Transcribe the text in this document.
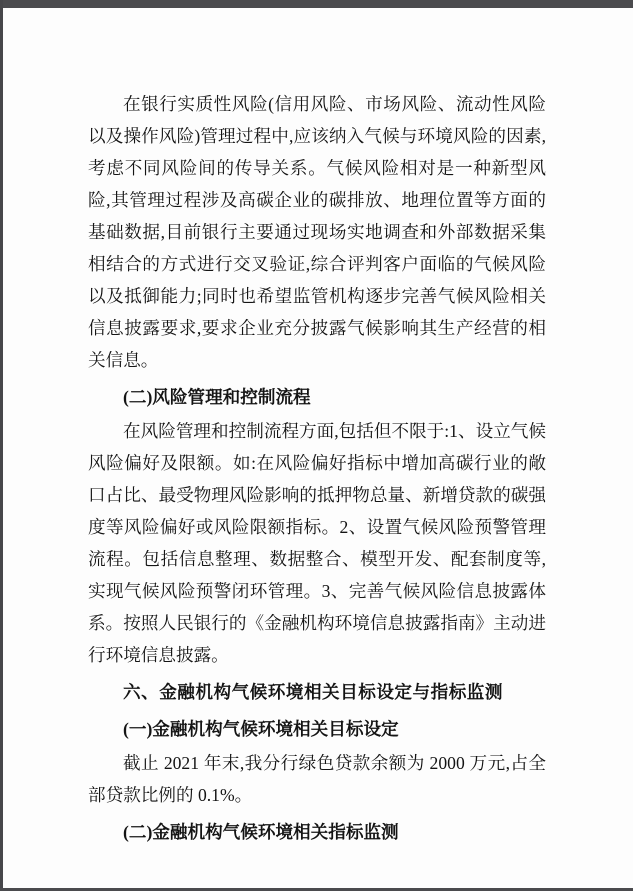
在银行实质性风险(信用风险、市场风险、流动性风险以及操作风险)管理过程中,应该纳入气候与环境风险的因素,考虑不同风险间的传导关系。气候风险相对是一种新型风险,其管理过程涉及高碳企业的碳排放、地理位置等方面的基础数据,目前银行主要通过现场实地调查和外部数据采集相结合的方式进行交叉验证,综合评判客户面临的气候风险以及抵御能力;同时也希望监管机构逐步完善气候风险相关信息披露要求,要求企业充分披露气候影响其生产经营的相关信息。

(二)风险管理和控制流程

在风险管理和控制流程方面,包括但不限于:1、设立气候风险偏好及限额。如:在风险偏好指标中增加高碳行业的敞口占比、最受物理风险影响的抵押物总量、新增贷款的碳强度等风险偏好或风险限额指标。2、设置气候风险预警管理流程。包括信息整理、数据整合、模型开发、配套制度等,实现气候风险预警闭环管理。3、完善气候风险信息披露体系。按照人民银行的《金融机构环境信息披露指南》主动进行环境信息披露。

六、金融机构气候环境相关目标设定与指标监测
(一)金融机构气候环境相关目标设定

截止 2021 年末,我分行绿色贷款余额为 2000 万元,占全部贷款比例的 0.1%。

(二)金融机构气候环境相关指标监测
